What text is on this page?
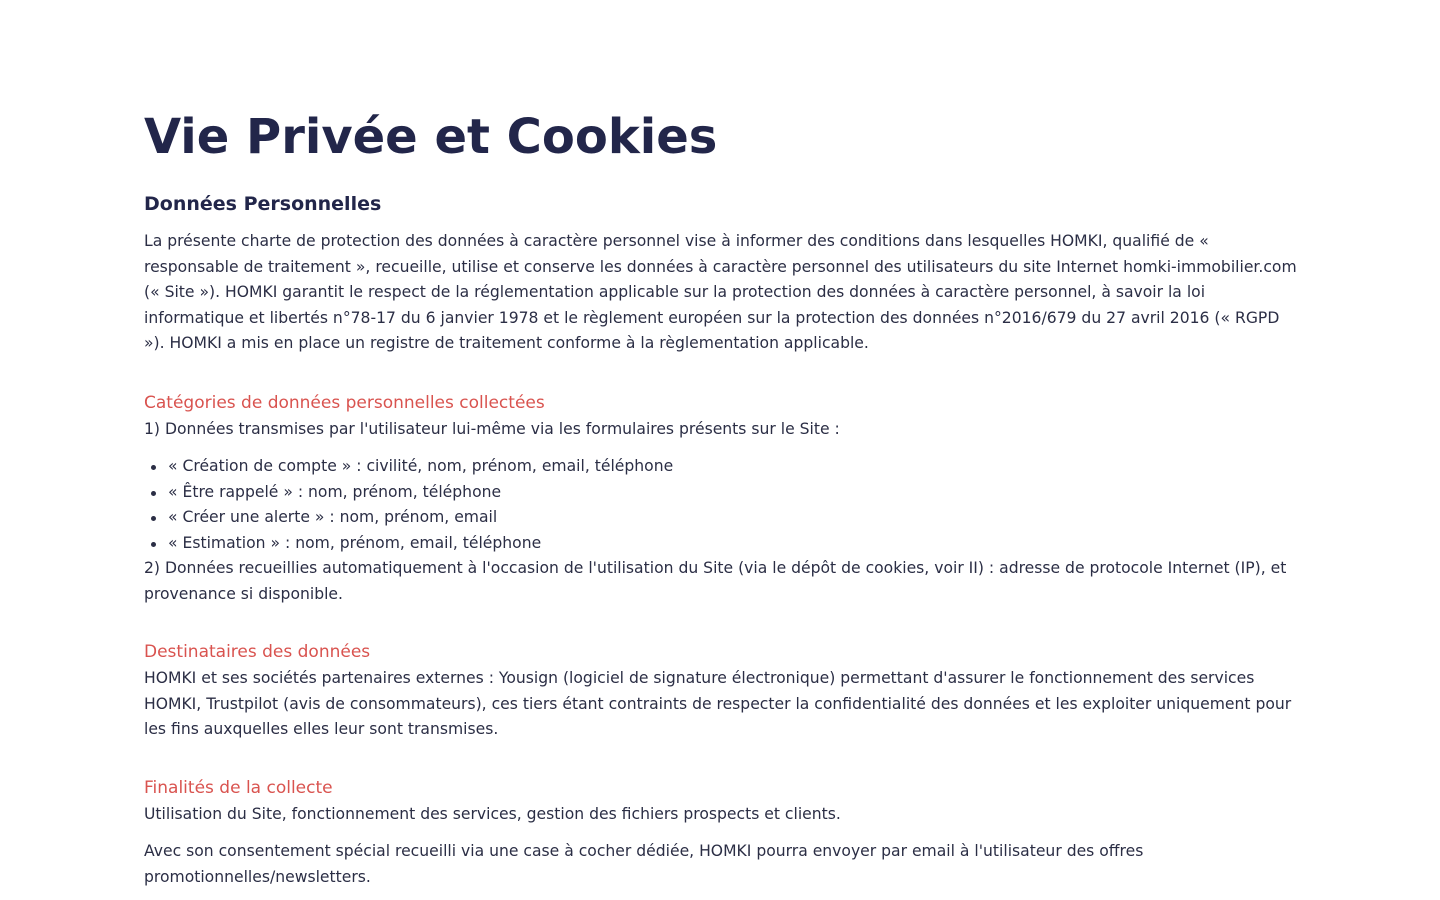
Vie Privée et Cookies
Données Personnelles

La présente charte de protection des données à caractère personnel vise à informer des conditions dans lesquelles HOMKI, qualifié de « responsable de traitement », recueille, utilise et conserve les données à caractère personnel des utilisateurs du site Internet homki-immobilier.com (« Site »). HOMKI garantit le respect de la réglementation applicable sur la protection des données à caractère personnel, à savoir la loi informatique et libertés n°78-17 du 6 janvier 1978 et le règlement européen sur la protection des données n°2016/679 du 27 avril 2016 (« RGPD »). HOMKI a mis en place un registre de traitement conforme à la règlementation applicable.

Catégories de données personnelles collectées

1) Données transmises par l'utilisateur lui-même via les formulaires présents sur le Site :

« Création de compte » : civilité, nom, prénom, email, téléphone
« Être rappelé » : nom, prénom, téléphone
« Créer une alerte » : nom, prénom, email
« Estimation » : nom, prénom, email, téléphone

2) Données recueillies automatiquement à l'occasion de l'utilisation du Site (via le dépôt de cookies, voir II) : adresse de protocole Internet (IP), et provenance si disponible.

Destinataires des données

HOMKI et ses sociétés partenaires externes : Yousign (logiciel de signature électronique) permettant d'assurer le fonctionnement des services HOMKI, Trustpilot (avis de consommateurs), ces tiers étant contraints de respecter la confidentialité des données et les exploiter uniquement pour les fins auxquelles elles leur sont transmises.

Finalités de la collecte

Utilisation du Site, fonctionnement des services, gestion des fichiers prospects et clients.

Avec son consentement spécial recueilli via une case à cocher dédiée, HOMKI pourra envoyer par email à l'utilisateur des offres promotionnelles/newsletters.
